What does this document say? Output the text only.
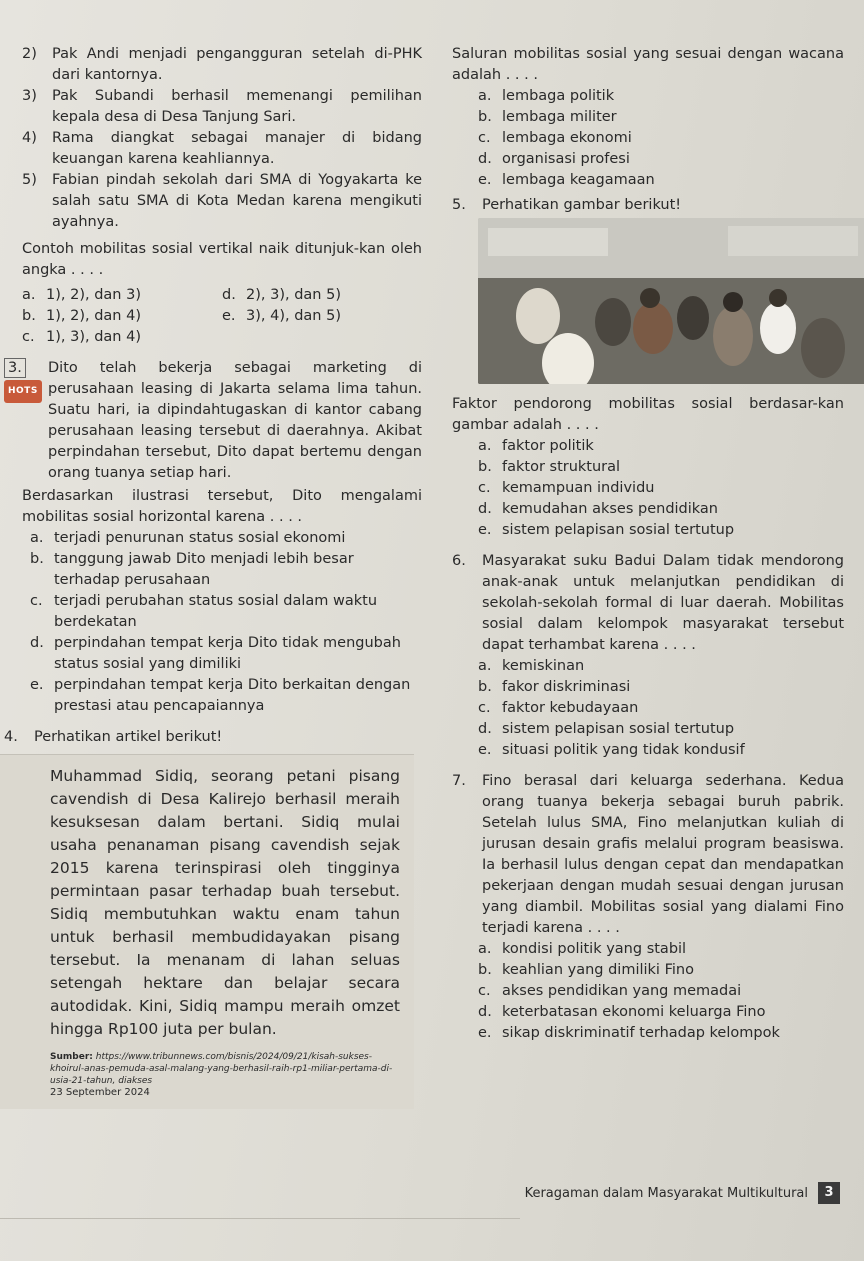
2)	Pak Andi menjadi pengangguran setelah di-PHK dari kantornya.
3)	Pak Subandi berhasil memenangi pemilihan kepala desa di Desa Tanjung Sari.
4)	Rama diangkat sebagai manajer di bidang keuangan karena keahliannya.
5)	Fabian pindah sekolah dari SMA di Yogyakarta ke salah satu SMA di Kota Medan karena mengikuti ayahnya.
Contoh mobilitas sosial vertikal naik ditunjuk-kan oleh angka . . . .
a. 1), 2), dan 3)	d. 2), 3), dan 5)
b. 1), 2), dan 4)	e. 3), 4), dan 5)
c. 1), 3), dan 4)
3.
HOTS
Dito telah bekerja sebagai marketing di perusahaan leasing di Jakarta selama lima tahun. Suatu hari, ia dipindahtugaskan di kantor cabang perusahaan leasing tersebut di daerahnya. Akibat perpindahan tersebut, Dito dapat bertemu dengan orang tuanya setiap hari.
Berdasarkan ilustrasi tersebut, Dito mengalami mobilitas sosial horizontal karena . . . .
a. terjadi penurunan status sosial ekonomi
b. tanggung jawab Dito menjadi lebih besar terhadap perusahaan
c. terjadi perubahan status sosial dalam waktu berdekatan
d. perpindahan tempat kerja Dito tidak mengubah status sosial yang dimiliki
e. perpindahan tempat kerja Dito berkaitan dengan prestasi atau pencapaiannya
4.	Perhatikan artikel berikut!
Muhammad Sidiq, seorang petani pisang cavendish di Desa Kalirejo berhasil meraih kesuksesan dalam bertani. Sidiq mulai usaha penanaman pisang cavendish sejak 2015 karena terinspirasi oleh tingginya permintaan pasar terhadap buah tersebut. Sidiq membutuhkan waktu enam tahun untuk berhasil membudidayakan pisang tersebut. Ia menanam di lahan seluas setengah hektare dan belajar secara autodidak. Kini, Sidiq mampu meraih omzet hingga Rp100 juta per bulan.
Sumber: https://www.tribunnews.com/bisnis/2024/09/21/kisah-sukses-khoirul-anas-pemuda-asal-malang-yang-berhasil-raih-rp1-miliar-pertama-di-usia-21-tahun, diakses
23 September 2024
Saluran mobilitas sosial yang sesuai dengan wacana adalah . . . .
a. lembaga politik
b. lembaga militer
c. lembaga ekonomi
d. organisasi profesi
e. lembaga keagamaan
5.	Perhatikan gambar berikut!
Faktor pendorong mobilitas sosial berdasar-kan gambar adalah . . . .
a. faktor politik
b. faktor struktural
c. kemampuan individu
d. kemudahan akses pendidikan
e. sistem pelapisan sosial tertutup
6.	Masyarakat suku Badui Dalam tidak mendorong anak-anak untuk melanjutkan pendidikan di sekolah-sekolah formal di luar daerah. Mobilitas sosial dalam kelompok masyarakat tersebut dapat terhambat karena . . . .
a. kemiskinan
b. fakor diskriminasi
c. faktor kebudayaan
d. sistem pelapisan sosial tertutup
e. situasi politik yang tidak kondusif
7.	Fino berasal dari keluarga sederhana. Kedua orang tuanya bekerja sebagai buruh pabrik. Setelah lulus SMA, Fino melanjutkan kuliah di jurusan desain grafis melalui program beasiswa. Ia berhasil lulus dengan cepat dan mendapatkan pekerjaan dengan mudah sesuai dengan jurusan yang diambil. Mobilitas sosial yang dialami Fino terjadi karena . . . .
a. kondisi politik yang stabil
b. keahlian yang dimiliki Fino
c. akses pendidikan yang memadai
d. keterbatasan ekonomi keluarga Fino
e. sikap diskriminatif terhadap kelompok
Keragaman dalam Masyarakat Multikultural	3
